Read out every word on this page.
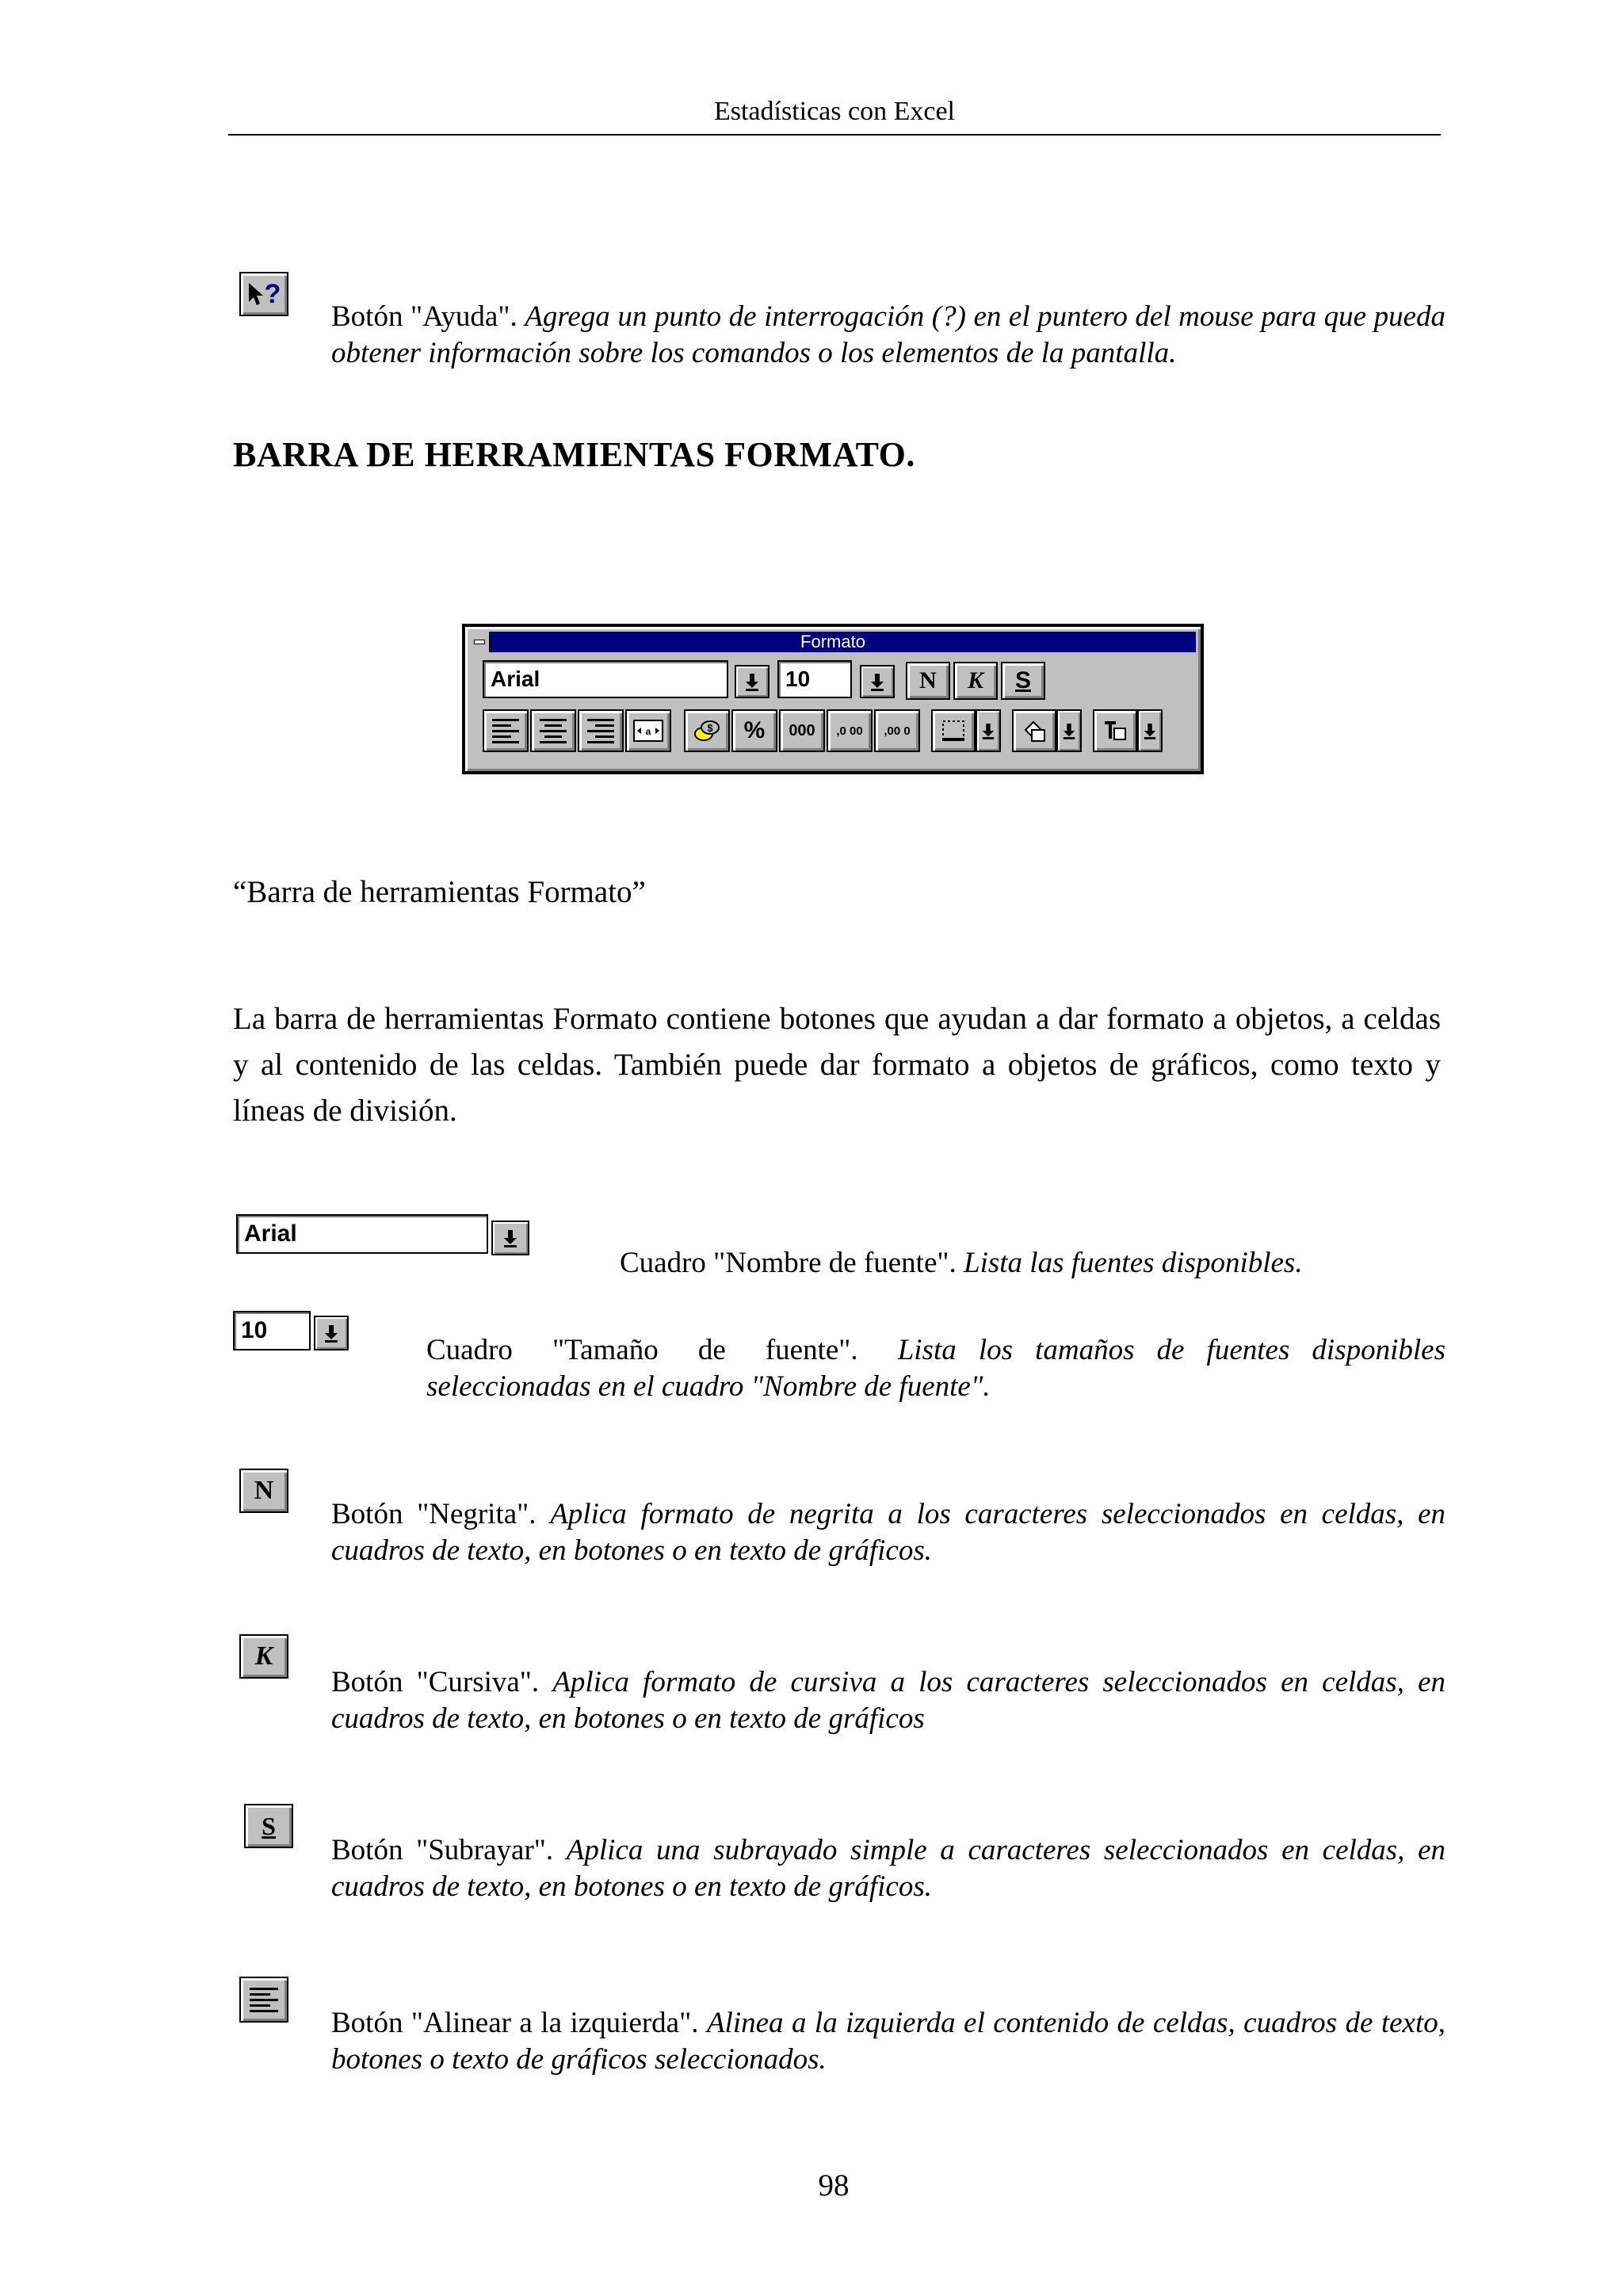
Estadísticas con Excel
?
Botón "Ayuda". Agrega un punto de interrogación (?) en el puntero del mouse para que pueda obtener información sobre los comandos o los elementos de la pantalla.
BARRA DE HERRAMIENTAS FORMATO.
Formato
Arial	10	N	K	S
a	$	%	000	,0 00 ,00 0
“Barra de herramientas Formato”
La barra de herramientas Formato contiene botones que ayudan a dar formato a objetos, a celdas y al contenido de las celdas. También puede dar formato a objetos de gráficos, como texto y líneas de división.
Arial
Cuadro "Nombre de fuente". Lista las fuentes disponibles.
10
Cuadro "Tamaño de fuente". Lista los tamaños de fuentes disponibles seleccionadas en el cuadro "Nombre de fuente".
N
Botón "Negrita". Aplica formato de negrita a los caracteres seleccionados en celdas, en cuadros de texto, en botones o en texto de gráficos.
K
Botón "Cursiva". Aplica formato de cursiva a los caracteres seleccionados en celdas, en cuadros de texto, en botones o en texto de gráficos
S
Botón "Subrayar". Aplica una subrayado simple a caracteres seleccionados en celdas, en cuadros de texto, en botones o en texto de gráficos.
Botón "Alinear a la izquierda". Alinea a la izquierda el contenido de celdas, cuadros de texto, botones o texto de gráficos seleccionados.
98
